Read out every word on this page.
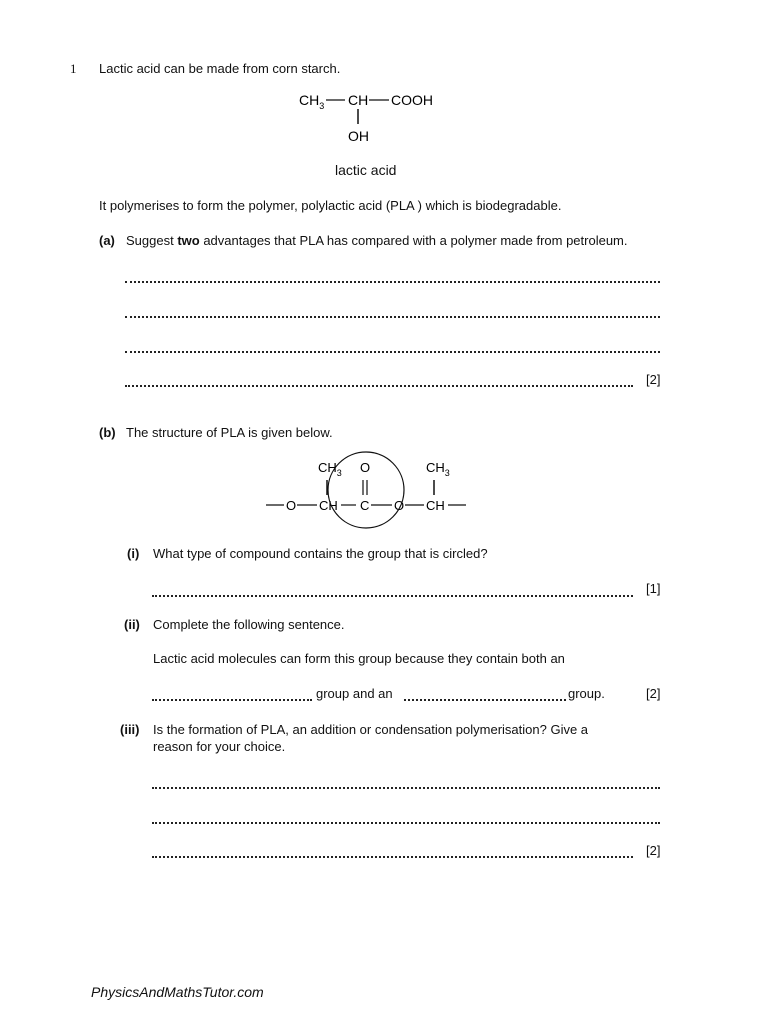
1 Lactic acid can be made from corn starch.
$CH_3$ CH COOH
OH
lactic acid
It polymerises to form the polymer, polylactic acid (PLA ) which is biodegradable.
(a) Suggest two advantages that PLA has compared with a polymer made from petroleum.
[2]
(b) The structure of PLA is given below.
O CH
$CH_3$
C
O
O CH
$CH_3$
(i) What type of compound contains the group that is circled?
[1]
(ii) Complete the following sentence.
Lactic acid molecules can form this group because they contain both an
group and an	group.	[2]
(iii) Is the formation of PLA, an addition or condensation polymerisation? Give a
reason for your choice.
[2]
PhysicsAndMathsTutor.com
